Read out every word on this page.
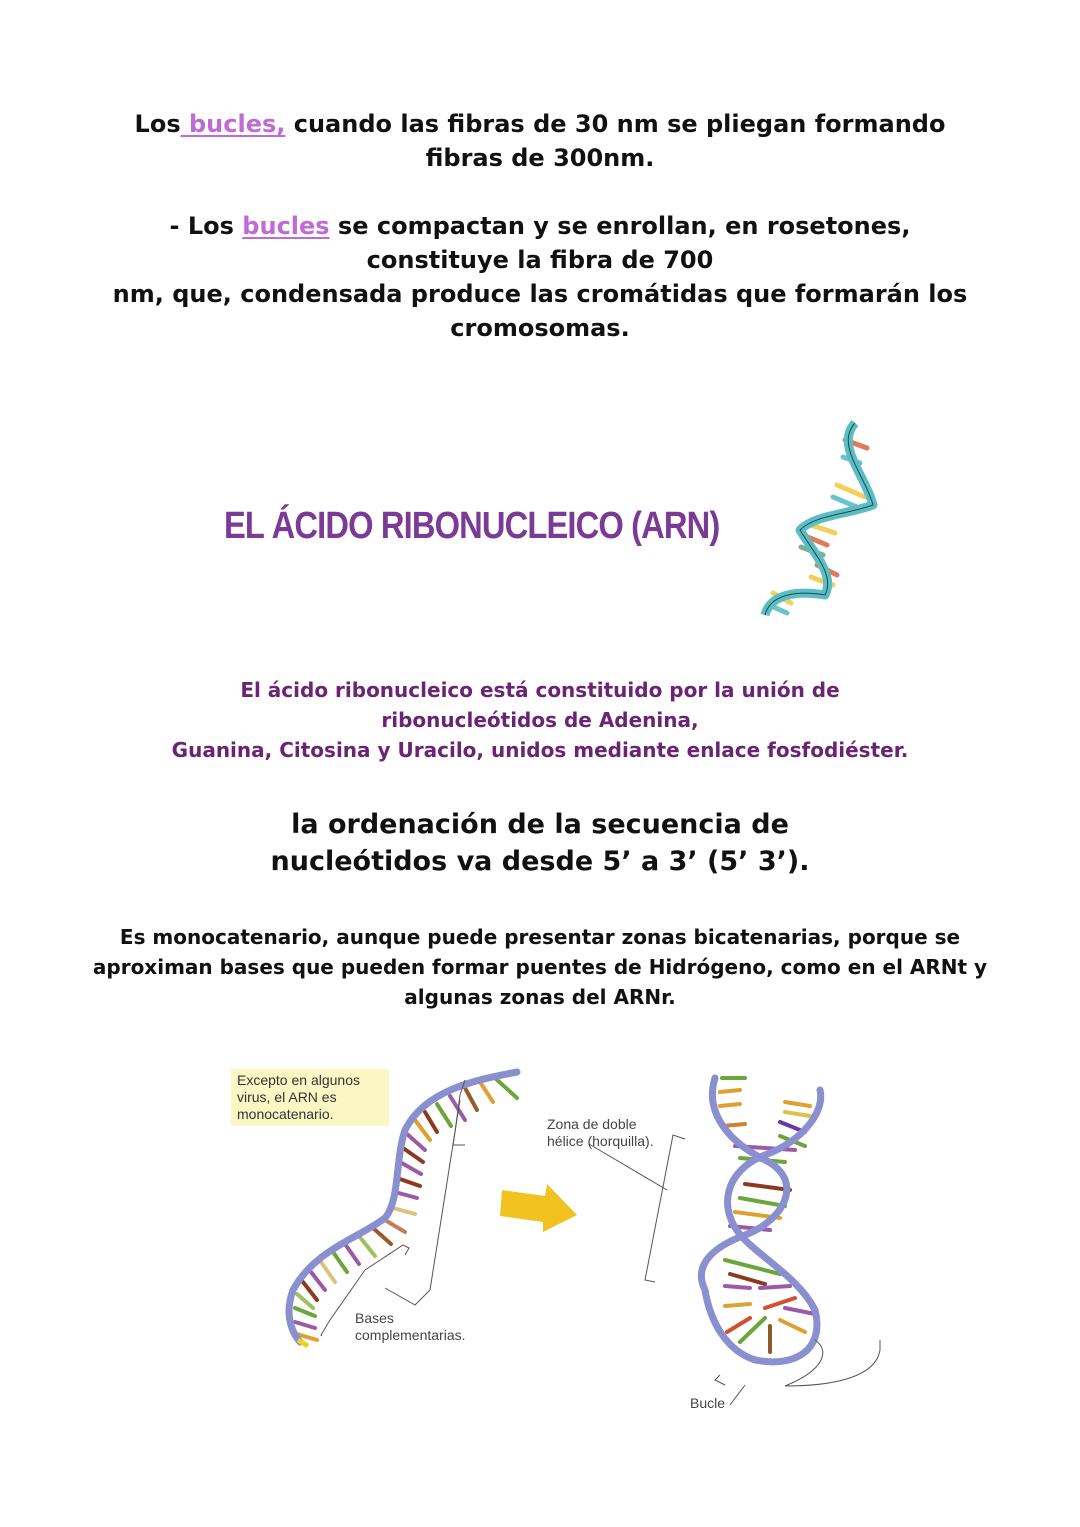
Los bucles, cuando las fibras de 30 nm se pliegan formando
fibras de 300nm.
- Los bucles se compactan y se enrollan, en rosetones,
constituye la fibra de 700
nm, que, condensada produce las cromátidas que formarán los
cromosomas.
EL ÁCIDO RIBONUCLEICO (ARN)
El ácido ribonucleico está constituido por la unión de
ribonucleótidos de Adenina,
Guanina, Citosina y Uracilo, unidos mediante enlace fosfodiéster.
la ordenación de la secuencia de
nucleótidos va desde 5’ a 3’ (5’ 3’).
Es monocatenario, aunque puede presentar zonas bicatenarias, porque se
aproximan bases que pueden formar puentes de Hidrógeno, como en el ARNt y
algunas zonas del ARNr.
Excepto en algunos
virus, el ARN es
monocatenario.
Bases
complementarias.
Zona de doble
hélice (horquilla).
Bucle
